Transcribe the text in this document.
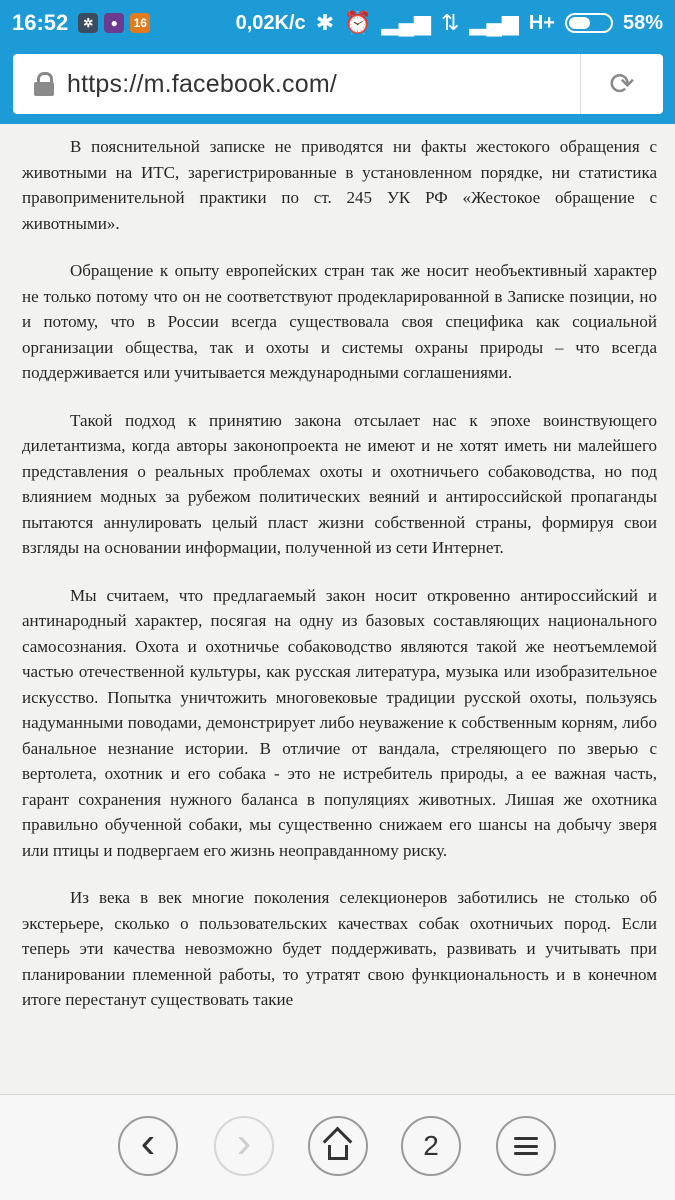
16:52	✲	●	16	0,02K/c ✱ ⏰ ▂▄▆ ⇅ ▂▄▆ H+	58%
https://m.facebook.com/	⟳

В пояснительной записке не приводятся ни факты жестокого обращения с животными на ИТС, зарегистрированные в установленном порядке, ни статистика правоприменительной практики по ст. 245 УК РФ «Жестокое обращение с животными».

Обращение к опыту европейских стран так же носит необъективный характер не только потому что он не соответствуют продекларированной в Записке позиции, но и потому, что в России всегда существовала своя специфика как социальной организации общества, так и охоты и системы охраны природы – что всегда поддерживается или учитывается международными соглашениями.

Такой подход к принятию закона отсылает нас к эпохе воинствующего дилетантизма, когда авторы законопроекта не имеют и не хотят иметь ни малейшего представления о реальных проблемах охоты и охотничьего собаководства, но под влиянием модных за рубежом политических веяний и антироссийской пропаганды пытаются аннулировать целый пласт жизни собственной страны, формируя свои взгляды на основании информации, полученной из сети Интернет.

Мы считаем, что предлагаемый закон носит откровенно антироссийский и антинародный характер, посягая на одну из базовых составляющих национального самосознания. Охота и охотничье собаководство являются такой же неотъемлемой частью отечественной культуры, как русская литература, музыка или изобразительное искусство. Попытка уничтожить многовековые традиции русской охоты, пользуясь надуманными поводами, демонстрирует либо неуважение к собственным корням, либо банальное незнание истории. В отличие от вандала, стреляющего по зверью с вертолета, охотник и его собака - это не истребитель природы, а ее важная часть, гарант сохранения нужного баланса в популяциях животных. Лишая же охотника правильно обученной собаки, мы существенно снижаем его шансы на добычу зверя или птицы и подвергаем его жизнь неоправданному риску.

Из века в век многие поколения селекционеров заботились не столько об экстерьере, сколько о пользовательских качествах собак охотничьих пород. Если теперь эти качества невозможно будет поддерживать, развивать и учитывать при планировании племенной работы, то утратят свою функциональность и в конечном итоге перестанут существовать такие

‹ ›	2
